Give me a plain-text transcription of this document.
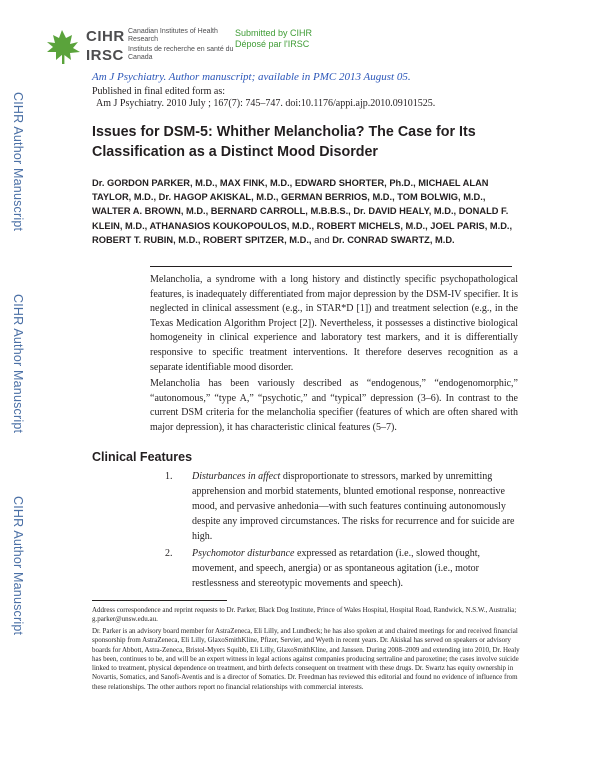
CIHR Author Manuscript
CIHR Author Manuscript
CIHR Author Manuscript
CIHR
IRSC
Canadian Institutes of Health Research
Instituts de recherche en santé du Canada
Submitted by CIHR
Déposé par l'IRSC
Am J Psychiatry. Author manuscript; available in PMC 2013 August 05.
Published in final edited form as:
Am J Psychiatry. 2010 July ; 167(7): 745–747. doi:10.1176/appi.ajp.2010.09101525.
Issues for DSM-5: Whither Melancholia? The Case for Its Classification as a Distinct Mood Disorder
Dr. GORDON PARKER, M.D., MAX FINK, M.D., EDWARD SHORTER, Ph.D., MICHAEL ALAN TAYLOR, M.D., Dr. HAGOP AKISKAL, M.D., GERMAN BERRIOS, M.D., TOM BOLWIG, M.D., WALTER A. BROWN, M.D., BERNARD CARROLL, M.B.B.S., Dr. DAVID HEALY, M.D., DONALD F. KLEIN, M.D., ATHANASIOS KOUKOPOULOS, M.D., ROBERT MICHELS, M.D., JOEL PARIS, M.D., ROBERT T. RUBIN, M.D., ROBERT SPITZER, M.D., and Dr. CONRAD SWARTZ, M.D.
Melancholia, a syndrome with a long history and distinctly specific psychopathological features, is inadequately differentiated from major depression by the DSM-IV specifier. It is neglected in clinical assessment (e.g., in STAR*D [1]) and treatment selection (e.g., in the Texas Medication Algorithm Project [2]). Nevertheless, it possesses a distinctive biological homogeneity in clinical experience and laboratory test markers, and it is differentially responsive to specific treatment interventions. It therefore deserves recognition as a separate identifiable mood disorder.
Melancholia has been variously described as “endogenous,” “endogenomorphic,” “autonomous,” “type A,” “psychotic,” and “typical” depression (3–6). In contrast to the current DSM criteria for the melancholia specifier (features of which are often shared with major depression), it has characteristic clinical features (5–7).
Clinical Features
1. Disturbances in affect disproportionate to stressors, marked by unremitting apprehension and morbid statements, blunted emotional response, nonreactive mood, and pervasive anhedonia—with such features continuing autonomously despite any improved circumstances. The risks for recurrence and for suicide are high.
2. Psychomotor disturbance expressed as retardation (i.e., slowed thought, movement, and speech, anergia) or as spontaneous agitation (i.e., motor restlessness and stereotypic movements and speech).
Address correspondence and reprint requests to Dr. Parker, Black Dog Institute, Prince of Wales Hospital, Hospital Road, Randwick, N.S.W., Australia; g.parker@unsw.edu.au.
Dr. Parker is an advisory board member for AstraZeneca, Eli Lilly, and Lundbeck; he has also spoken at and chaired meetings for and received financial sponsorship from AstraZeneca, Eli Lilly, GlaxoSmithKline, Pfizer, Servier, and Wyeth in recent years. Dr. Akiskal has served on speakers or advisory boards for Abbott, Astra-Zeneca, Bristol-Myers Squibb, Eli Lilly, GlaxoSmithKline, and Janssen. During 2008–2009 and extending into 2010, Dr. Healy has been, continues to be, and will be an expert witness in legal actions against companies producing sertraline and paroxetine; the cases involve suicide linked to treatment, physical dependence on treatment, and birth defects consequent on treatment with these drugs. Dr. Swartz has equity ownership in Novartis, Somatics, and Sanofi-Aventis and is a director of Somatics. Dr. Freedman has reviewed this editorial and found no evidence of influence from these relationships. The other authors report no financial relationships with commercial interests.
